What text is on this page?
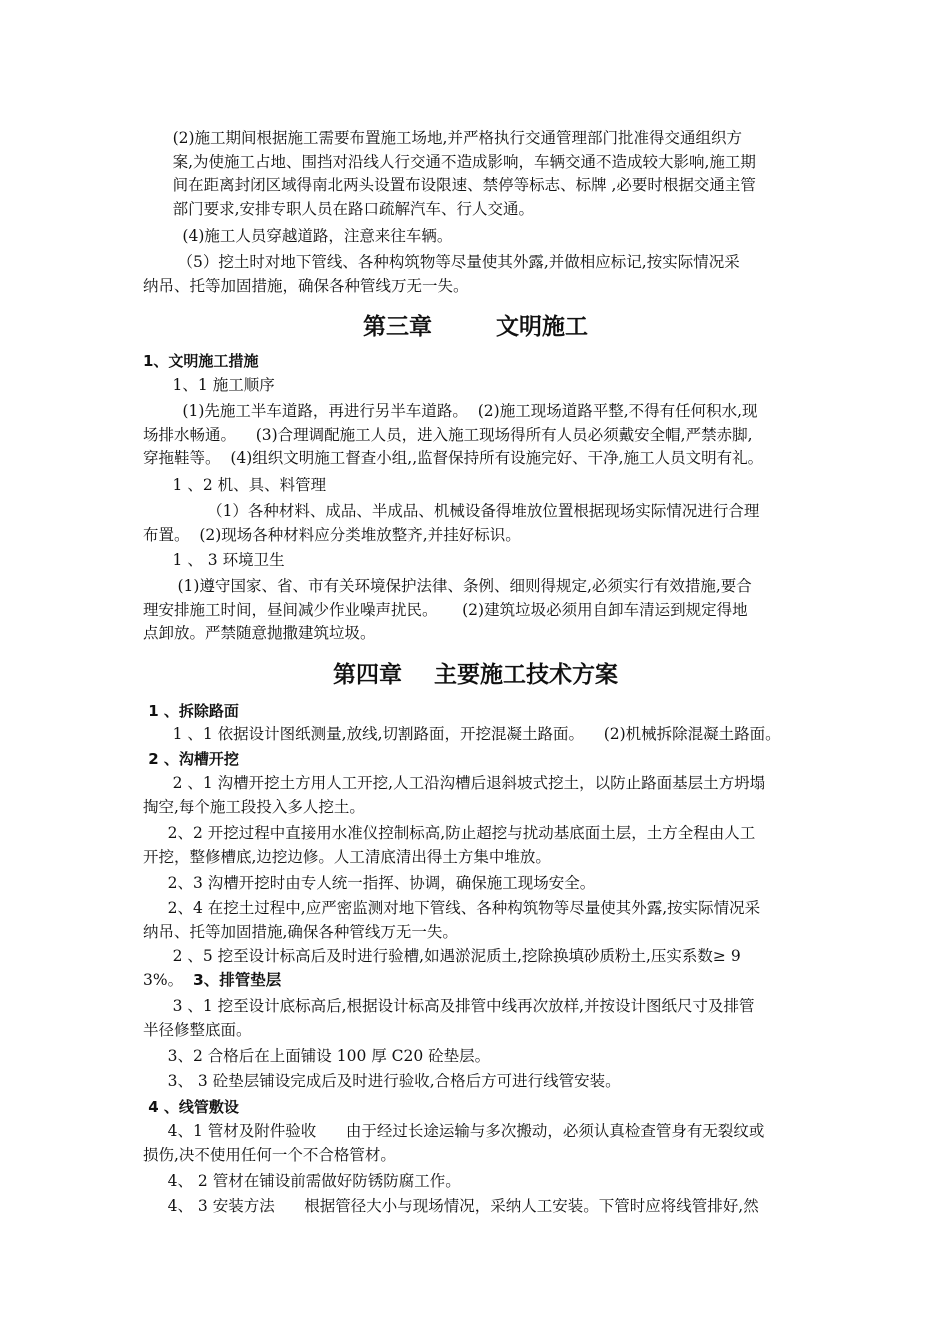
(2)施工期间根据施工需要布置施工场地,并严格执行交通管理部门批准得交通组织方
案,为使施工占地、围挡对沿线人行交通不造成影响，车辆交通不造成较大影响,施工期
间在距离封闭区域得南北两头设置布设限速、禁停等标志、标牌 ,必要时根据交通主管
部门要求,安排专职人员在路口疏解汽车、行人交通。

(4)施工人员穿越道路，注意来往车辆。

（5）挖土时对地下管线、各种构筑物等尽量使其外露,并做相应标记,按实际情况采
纳吊、托等加固措施，确保各种管线万无一失。

第三章        文明施工
1、文明施工措施

1、1 施工顺序

(1)先施工半车道路，再进行另半车道路。  (2)施工现场道路平整,不得有任何积水,现
场排水畅通。    (3)合理调配施工人员，进入施工现场得所有人员必须戴安全帽,严禁赤脚,
穿拖鞋等。  (4)组织文明施工督查小组,,监督保持所有设施完好、干净,施工人员文明有礼。

1 、2 机、具、料管理

（1）各种材料、成品、半成品、机械设备得堆放位置根据现场实际情况进行合理
布置。  (2)现场各种材料应分类堆放整齐,并挂好标识。

1 、 3 环境卫生

(1)遵守国家、省、市有关环境保护法律、条例、细则得规定,必须实行有效措施,要合
理安排施工时间，昼间减少作业噪声扰民。     (2)建筑垃圾必须用自卸车清运到规定得地
点卸放。严禁随意抛撒建筑垃圾。

第四章    主要施工技术方案
1 、拆除路面

1 、1 依据设计图纸测量,放线,切割路面，开挖混凝土路面。    (2)机械拆除混凝土路面。

2 、沟槽开挖

2 、1 沟槽开挖土方用人工开挖,人工沿沟槽后退斜坡式挖土，以防止路面基层土方坍塌
掏空,每个施工段投入多人挖土。

2、2 开挖过程中直接用水准仪控制标高,防止超挖与扰动基底面土层，土方全程由人工
开挖，整修槽底,边挖边修。人工清底清出得土方集中堆放。

2、3 沟槽开挖时由专人统一指挥、协调，确保施工现场安全。

2、4 在挖土过程中,应严密监测对地下管线、各种构筑物等尽量使其外露,按实际情况采
纳吊、托等加固措施,确保各种管线万无一失。

2 、5 挖至设计标高后及时进行验槽,如遇淤泥质土,挖除换填砂质粉土,压实系数≥ 9
3%。  3、排管垫层

3 、1 挖至设计底标高后,根据设计标高及排管中线再次放样,并按设计图纸尺寸及排管
半径修整底面。

3、2 合格后在上面铺设 100 厚 C20 砼垫层。

3、 3 砼垫层铺设完成后及时进行验收,合格后方可进行线管安装。

4 、线管敷设

4、1 管材及附件验收      由于经过长途运输与多次搬动，必须认真检查管身有无裂纹或
损伤,决不使用任何一个不合格管材。

4、 2 管材在铺设前需做好防锈防腐工作。

4、 3 安装方法      根据管径大小与现场情况，采纳人工安装。下管时应将线管排好,然
